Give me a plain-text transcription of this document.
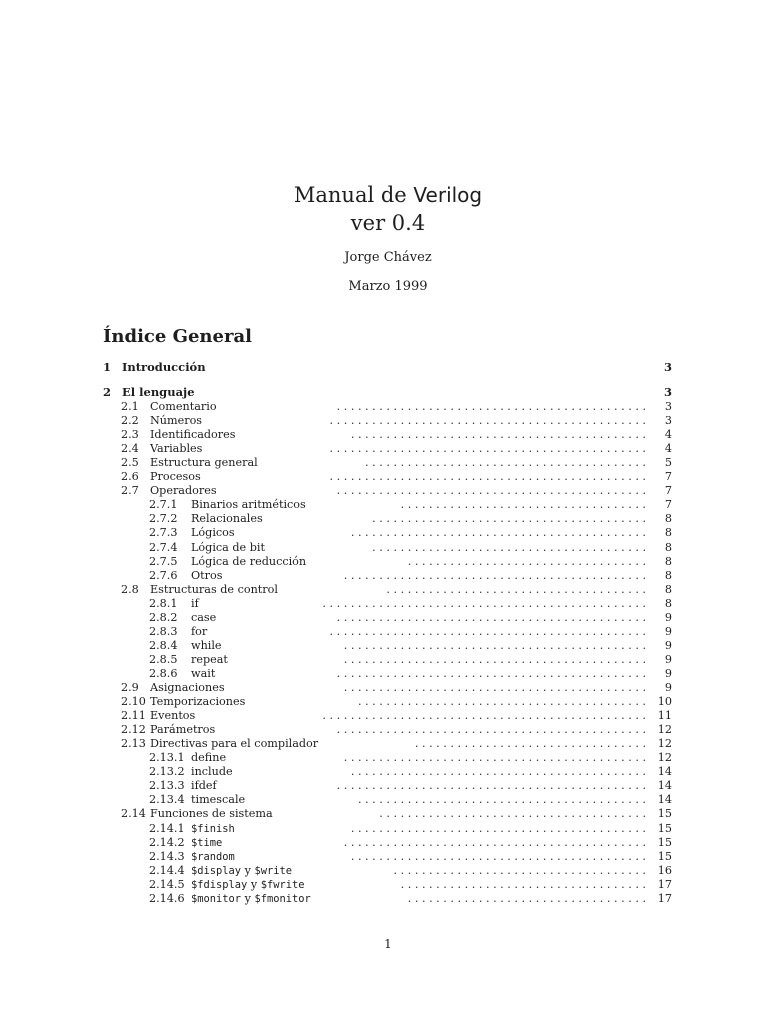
Manual de Verilog
ver 0.4
Jorge Chávez
Marzo 1999
Índice General
1 Introducción	3
2 El lenguaje	3
2.1 Comentario	3
. . . . . . . . . . . . . . . . . . . . . . . . . . . . . . . . . . . . . . . . . . . .
2.2 Números	3
. . . . . . . . . . . . . . . . . . . . . . . . . . . . . . . . . . . . . . . . . . . . .
2.3 Identificadores	4
. . . . . . . . . . . . . . . . . . . . . . . . . . . . . . . . . . . . . . . . . .
2.4 Variables	4
. . . . . . . . . . . . . . . . . . . . . . . . . . . . . . . . . . . . . . . . . . . . .
2.5 Estructura general	5
. . . . . . . . . . . . . . . . . . . . . . . . . . . . . . . . . . . . . . . .
2.6 Procesos	7
. . . . . . . . . . . . . . . . . . . . . . . . . . . . . . . . . . . . . . . . . . . . .
2.7 Operadores	7
. . . . . . . . . . . . . . . . . . . . . . . . . . . . . . . . . . . . . . . . . . . .
2.7.1 Binarios aritméticos	7
. . . . . . . . . . . . . . . . . . . . . . . . . . . . . . . . . . .
2.7.2 Relacionales	8
. . . . . . . . . . . . . . . . . . . . . . . . . . . . . . . . . . . . . . .
2.7.3 Lógicos	8
. . . . . . . . . . . . . . . . . . . . . . . . . . . . . . . . . . . . . . . . . .
2.7.4 Lógica de bit	8
. . . . . . . . . . . . . . . . . . . . . . . . . . . . . . . . . . . . . . .
2.7.5 Lógica de reducción	8
. . . . . . . . . . . . . . . . . . . . . . . . . . . . . . . . . .
2.7.6 Otros	8
. . . . . . . . . . . . . . . . . . . . . . . . . . . . . . . . . . . . . . . . . . .
2.8 Estructuras de control	8
. . . . . . . . . . . . . . . . . . . . . . . . . . . . . . . . . . . . .
2.8.1 if	8
. . . . . . . . . . . . . . . . . . . . . . . . . . . . . . . . . . . . . . . . . . . . . .
2.8.2 case	9
. . . . . . . . . . . . . . . . . . . . . . . . . . . . . . . . . . . . . . . . . . . .
2.8.3 for	9
. . . . . . . . . . . . . . . . . . . . . . . . . . . . . . . . . . . . . . . . . . . . .
2.8.4 while	9
. . . . . . . . . . . . . . . . . . . . . . . . . . . . . . . . . . . . . . . . . . .
2.8.5 repeat	9
. . . . . . . . . . . . . . . . . . . . . . . . . . . . . . . . . . . . . . . . . . .
2.8.6 wait	9
. . . . . . . . . . . . . . . . . . . . . . . . . . . . . . . . . . . . . . . . . . . .
2.9 Asignaciones	9
. . . . . . . . . . . . . . . . . . . . . . . . . . . . . . . . . . . . . . . . . . .
2.10 Temporizaciones	10
. . . . . . . . . . . . . . . . . . . . . . . . . . . . . . . . . . . . . . . . .
2.11 Eventos	11
. . . . . . . . . . . . . . . . . . . . . . . . . . . . . . . . . . . . . . . . . . . . . .
2.12 Parámetros	12
. . . . . . . . . . . . . . . . . . . . . . . . . . . . . . . . . . . . . . . . . . . .
2.13 Directivas para el compilador	12
. . . . . . . . . . . . . . . . . . . . . . . . . . . . . . . . .
2.13.1 define	12
. . . . . . . . . . . . . . . . . . . . . . . . . . . . . . . . . . . . . . . . . . .
2.13.2 include	14
. . . . . . . . . . . . . . . . . . . . . . . . . . . . . . . . . . . . . . . . . .
2.13.3 ifdef	14
. . . . . . . . . . . . . . . . . . . . . . . . . . . . . . . . . . . . . . . . . . . .
2.13.4 timescale	14
. . . . . . . . . . . . . . . . . . . . . . . . . . . . . . . . . . . . . . . . .
2.14 Funciones de sistema	15
. . . . . . . . . . . . . . . . . . . . . . . . . . . . . . . . . . . . . .
2.14.1 $finish	15
. . . . . . . . . . . . . . . . . . . . . . . . . . . . . . . . . . . . . . . . . .
2.14.2 $time	15
. . . . . . . . . . . . . . . . . . . . . . . . . . . . . . . . . . . . . . . . . . .
2.14.3 $random	15
. . . . . . . . . . . . . . . . . . . . . . . . . . . . . . . . . . . . . . . . . .
2.14.4 $display y $write	16
. . . . . . . . . . . . . . . . . . . . . . . . . . . . . . . . . . . .
2.14.5 $fdisplay y $fwrite	17
. . . . . . . . . . . . . . . . . . . . . . . . . . . . . . . . . . .
2.14.6 $monitor y $fmonitor	17
. . . . . . . . . . . . . . . . . . . . . . . . . . . . . . . . . .
1
